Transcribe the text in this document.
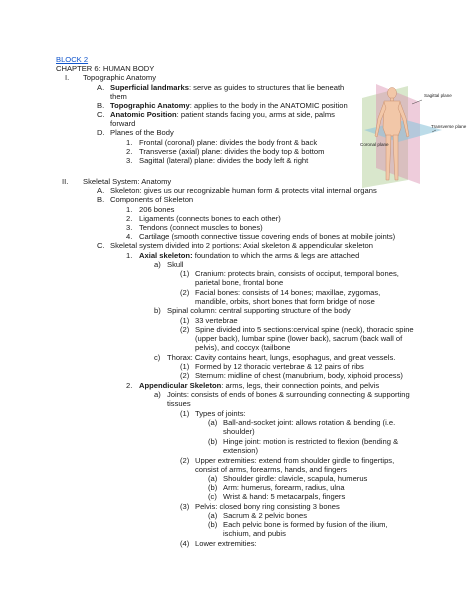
BLOCK 2
CHAPTER 6: HUMAN BODY
I. Topographic Anatomy
A. Superficial landmarks: serve as guides to structures that lie beneath
them
B. Topographic Anatomy: applies to the body in the ANATOMIC position
C. Anatomic Position: patient stands facing you, arms at side, palms
forward
D. Planes of the Body
1. Frontal (coronal) plane: divides the body front & back
2. Transverse (axial) plane: divides the body top & bottom
3. Sagittal (lateral) plane: divides the body left & right
Sagittal plane
Transverse plane
Coronal plane
II. Skeletal System: Anatomy
A. Skeleton: gives us our recognizable human form & protects vital internal organs
B. Components of Skeleton
1. 206 bones
2. Ligaments (connects bones to each other)
3. Tendons (connect muscles to bones)
4. Cartilage (smooth connective tissue covering ends of bones at mobile joints)
C. Skeletal system divided into 2 portions: Axial skeleton & appendicular skeleton
1. Axial skeleton: foundation to which the arms & legs are attached
a) Skull
(1) Cranium: protects brain, consists of occiput, temporal bones,
parietal bone, frontal bone
(2) Facial bones: consists of 14 bones; maxillae, zygomas,
mandible, orbits, short bones that form bridge of nose
b) Spinal column: central supporting structure of the body
(1) 33 vertebrae
(2) Spine divided into 5 sections:cervical spine (neck), thoracic spine
(upper back), lumbar spine (lower back), sacrum (back wall of
pelvis), and coccyx (tailbone
c) Thorax: Cavity contains heart, lungs, esophagus, and great vessels.
(1) Formed by 12 thoracic vertebrae & 12 pairs of ribs
(2) Sternum: midline of chest (manubrium, body, xiphoid process)
2. Appendicular Skeleton: arms, legs, their connection points, and pelvis
a) Joints: consists of ends of bones & surrounding connecting & supporting
tissues
(1) Types of joints:
(a) Ball-and-socket joint: allows rotation & bending (i.e.
shoulder)
(b) Hinge joint: motion is restricted to flexion (bending &
extension)
(2) Upper extremities: extend from shoulder girdle to fingertips,
consist of arms, forearms, hands, and fingers
(a) Shoulder girdle: clavicle, scapula, humerus
(b) Arm: humerus, forearm, radius, ulna
(c) Wrist & hand: 5 metacarpals, fingers
(3) Pelvis: closed bony ring consisting 3 bones
(a) Sacrum & 2 pelvic bones
(b) Each pelvic bone is formed by fusion of the ilium,
ischium, and pubis
(4) Lower extremities:
